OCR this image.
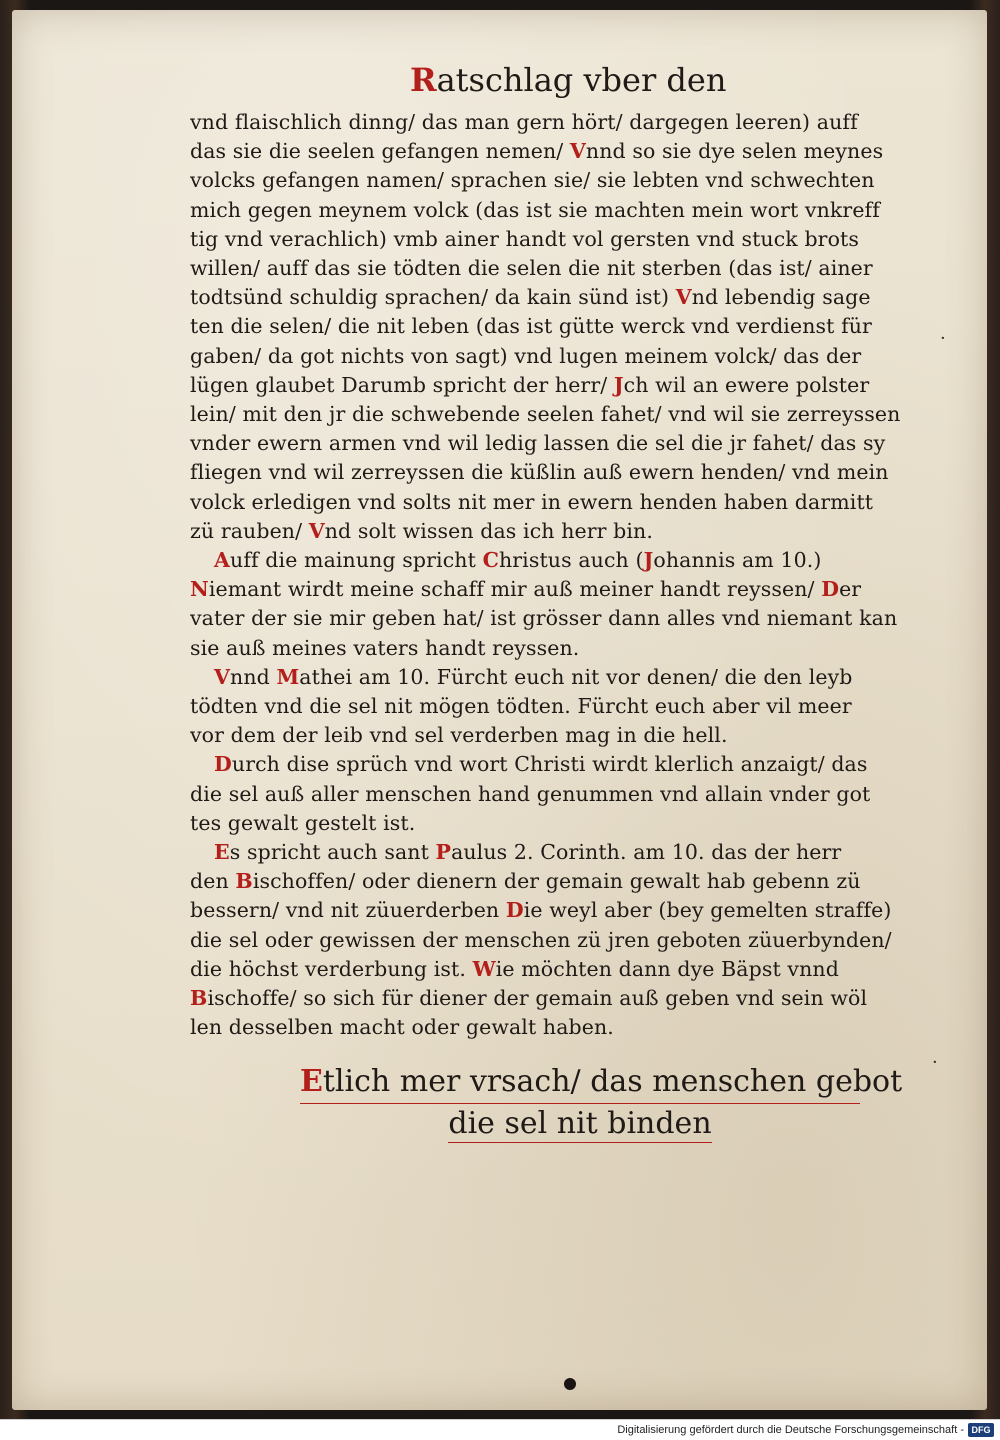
Ratschlag vber den
vnd flaischlich dinng/ das man gern hört/ dargegen leeren) auff
das sie die seelen gefangen nemen/ Vnnd so sie dye selen meynes
volcks gefangen namen/ sprachen sie/ sie lebten vnd schwechten
mich gegen meynem volck (das ist sie machten mein wort vnkreff
tig vnd verachlich) vmb ainer handt vol gersten vnd stuck brots
willen/ auff das sie tödten die selen die nit sterben (das ist/ ainer
todtsünd schuldig sprachen/ da kain sünd ist) Vnd lebendig sage
ten die selen/ die nit leben (das ist gütte werck vnd verdienst für
gaben/ da got nichts von sagt) vnd lugen meinem volck/ das der
lügen glaubet Darumb spricht der herr/ Jch wil an ewere polster
lein/ mit den jr die schwebende seelen fahet/ vnd wil sie zerreyssen
vnder ewern armen vnd wil ledig lassen die sel die jr fahet/ das sy
fliegen vnd wil zerreyssen die küßlin auß ewern henden/ vnd mein
volck erledigen vnd solts nit mer in ewern henden haben darmitt
zü rauben/ Vnd solt wissen das ich herr bin.
Auff die mainung spricht Christus auch (Johannis am 10.)
Niemant wirdt meine schaff mir auß meiner handt reyssen/ Der
vater der sie mir geben hat/ ist grösser dann alles vnd niemant kan
sie auß meines vaters handt reyssen.
Vnnd Mathei am 10. Fürcht euch nit vor denen/ die den leyb
tödten vnd die sel nit mögen tödten. Fürcht euch aber vil meer
vor dem der leib vnd sel verderben mag in die hell.
Durch dise sprüch vnd wort Christi wirdt klerlich anzaigt/ das
die sel auß aller menschen hand genummen vnd allain vnder got
tes gewalt gestelt ist.
Es spricht auch sant Paulus 2. Corinth. am 10. das der herr
den Bischoffen/ oder dienern der gemain gewalt hab gebenn zü
bessern/ vnd nit züuerderben Die weyl aber (bey gemelten straffe)
die sel oder gewissen der menschen zü jren geboten züuerbynden/
die höchst verderbung ist. Wie möchten dann dye Bäpst vnnd
Bischoffe/ so sich für diener der gemain auß geben vnd sein wöl
len desselben macht oder gewalt haben.
Etlich mer vrsach/ das menschen gebot
die sel nit binden
·
·
Digitalisierung gefördert durch die Deutsche Forschungsgemeinschaft - DFG
